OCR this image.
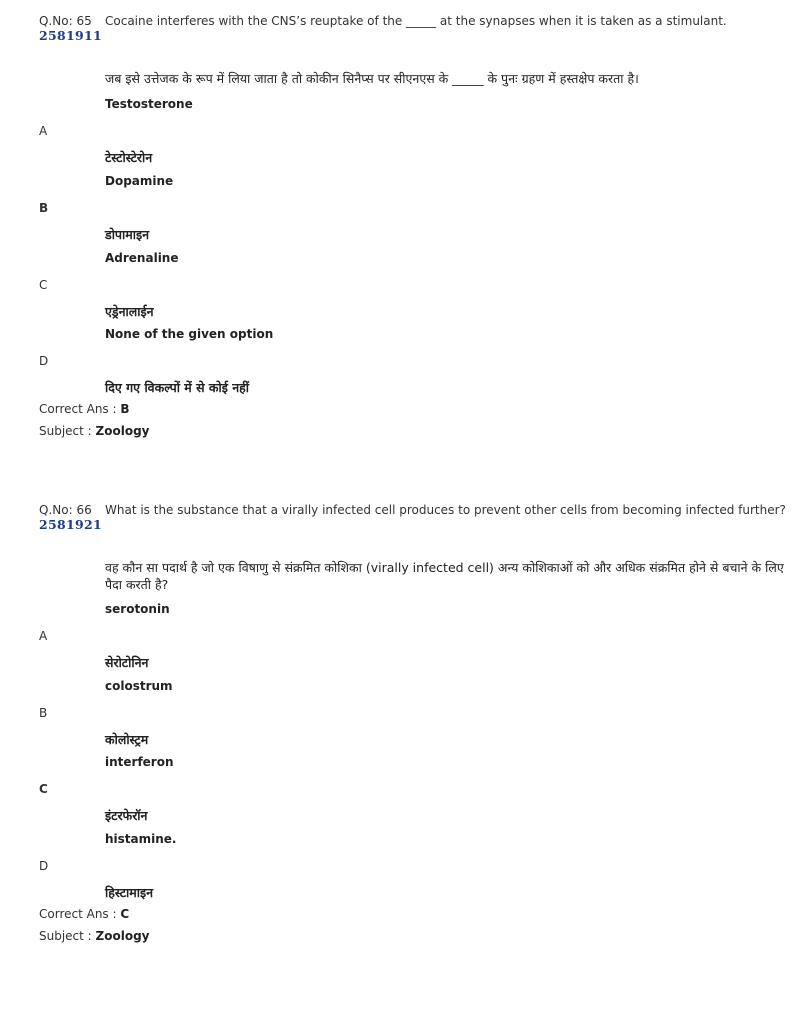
Q.No: 65
2581911
Cocaine interferes with the CNS’s reuptake of the _____ at the synapses when it is taken as a stimulant.
जब इसे उत्तेजक के रूप में लिया जाता है तो कोकीन सिनैप्स पर सीएनएस के _____ के पुनः ग्रहण में हस्तक्षेप करता है।
Testosterone
A
टेस्टोस्टेरोन
Dopamine
B
डोपामाइन
Adrenaline
C
एड्रेनालाईन
None of the given option
D
दिए गए विकल्पों में से कोई नहीं
Correct Ans : B
Subject : Zoology
Q.No: 66
2581921
What is the substance that a virally infected cell produces to prevent other cells from becoming infected further?
वह कौन सा पदार्थ है जो एक विषाणु से संक्रमित कोशिका (virally infected cell) अन्य कोशिकाओं को और अधिक संक्रमित होने से बचाने के लिए पैदा करती है?
serotonin
A
सेरोटोनिन
colostrum
B
कोलोस्ट्रम
interferon
C
इंटरफेरॉन
histamine.
D
हिस्टामाइन
Correct Ans : C
Subject : Zoology
